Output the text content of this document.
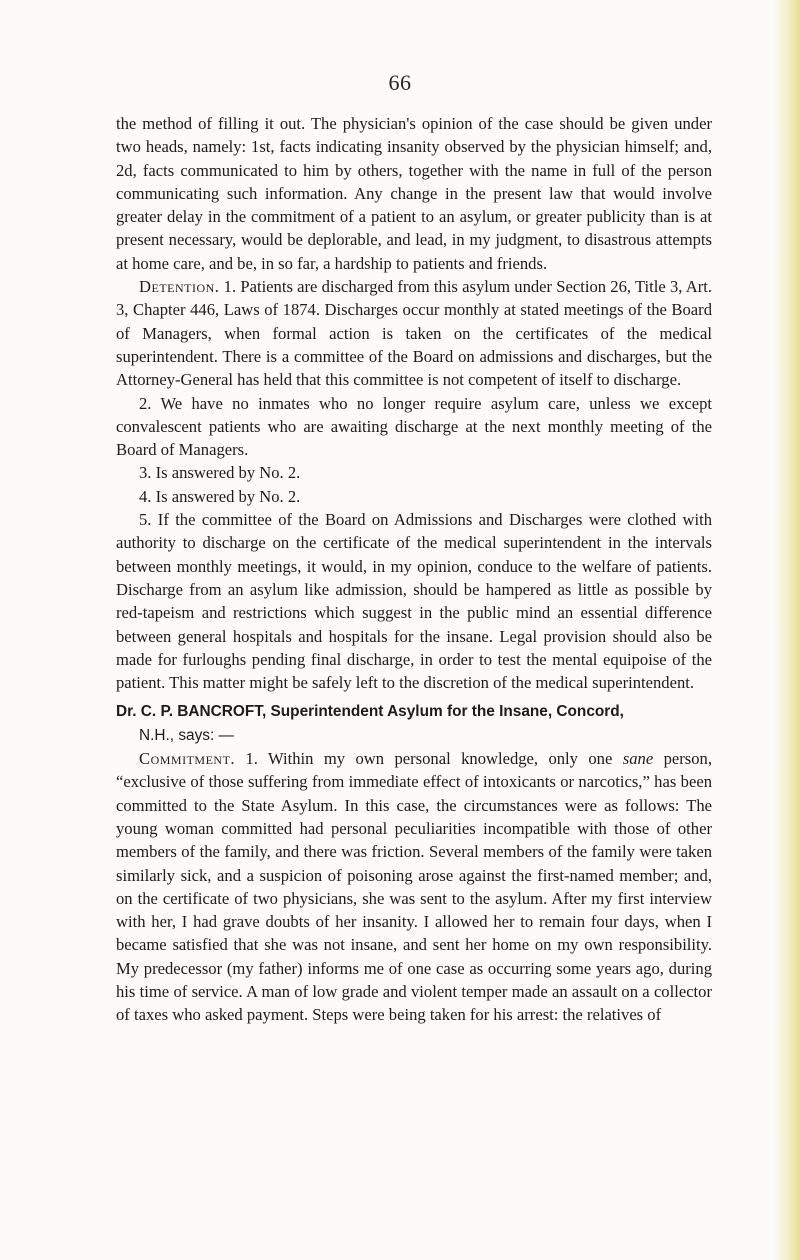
66

the method of filling it out. The physician's opinion of the case should be given under two heads, namely: 1st, facts indicating insanity observed by the physician himself; and, 2d, facts communicated to him by others, together with the name in full of the person communicating such information. Any change in the present law that would involve greater delay in the commitment of a patient to an asylum, or greater publicity than is at present necessary, would be deplorable, and lead, in my judgment, to disastrous attempts at home care, and be, in so far, a hardship to patients and friends.

Detention. 1. Patients are discharged from this asylum under Section 26, Title 3, Art. 3, Chapter 446, Laws of 1874. Discharges occur monthly at stated meetings of the Board of Managers, when formal action is taken on the certificates of the medical superintendent. There is a committee of the Board on admissions and discharges, but the Attorney-General has held that this committee is not competent of itself to discharge.

2. We have no inmates who no longer require asylum care, unless we except convalescent patients who are awaiting discharge at the next monthly meeting of the Board of Managers.

3. Is answered by No. 2.

4. Is answered by No. 2.

5. If the committee of the Board on Admissions and Discharges were clothed with authority to discharge on the certificate of the medical superintendent in the intervals between monthly meetings, it would, in my opinion, conduce to the welfare of patients. Discharge from an asylum like admission, should be hampered as little as possible by red-tapeism and restrictions which suggest in the public mind an essential difference between general hospitals and hospitals for the insane. Legal provision should also be made for furloughs pending final discharge, in order to test the mental equipoise of the patient. This matter might be safely left to the discretion of the medical superintendent.

Dr. C. P. BANCROFT, Superintendent Asylum for the Insane, Concord,
N.H., says: —

Commitment. 1. Within my own personal knowledge, only one sane person, “exclusive of those suffering from immediate effect of intoxicants or narcotics,” has been committed to the State Asylum. In this case, the circumstances were as follows: The young woman committed had personal peculiarities incompatible with those of other members of the family, and there was friction. Several members of the family were taken similarly sick, and a suspicion of poisoning arose against the first-named member; and, on the certificate of two physicians, she was sent to the asylum. After my first interview with her, I had grave doubts of her insanity. I allowed her to remain four days, when I became satisfied that she was not insane, and sent her home on my own responsibility. My predecessor (my father) informs me of one case as occurring some years ago, during his time of service. A man of low grade and violent temper made an assault on a collector of taxes who asked payment. Steps were being taken for his arrest: the relatives of
